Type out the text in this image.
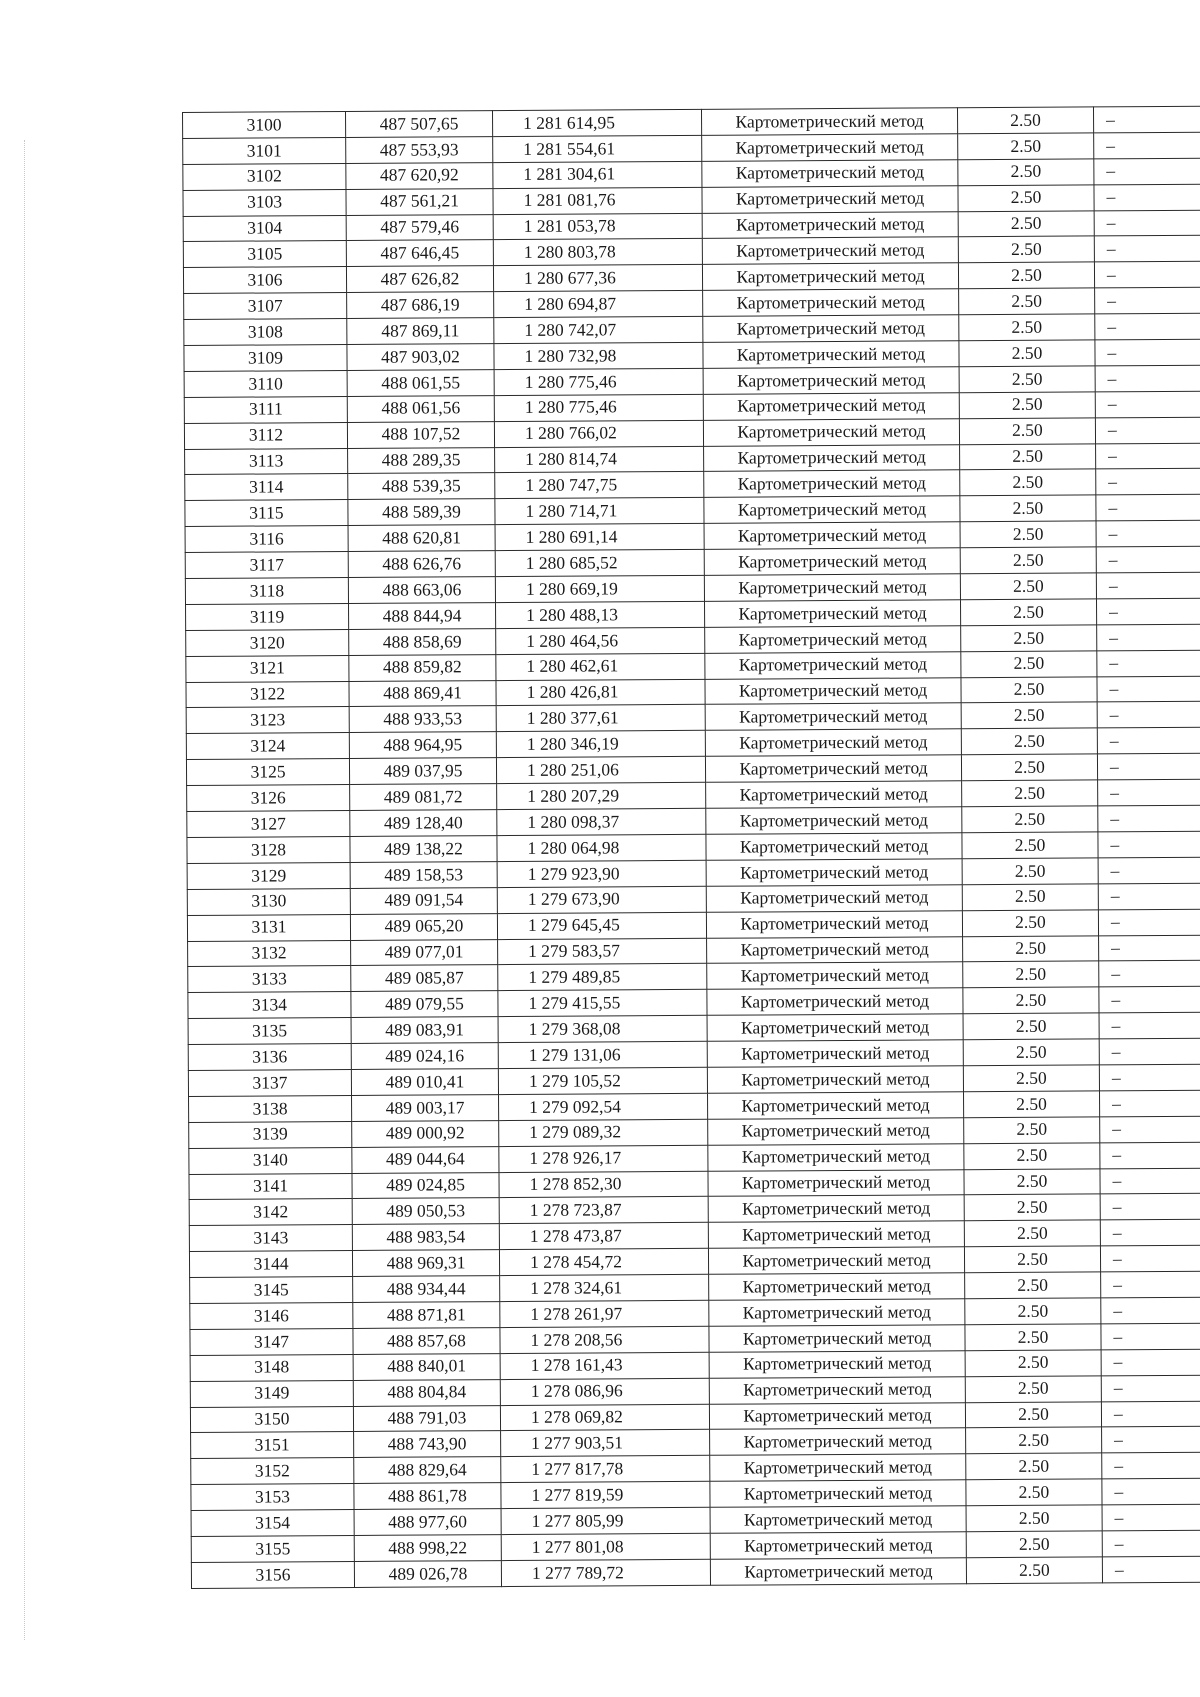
3100	487 507,65	1 281 614,95	Картометрический метод	2.50	–
3101	487 553,93	1 281 554,61	Картометрический метод	2.50	–
3102	487 620,92	1 281 304,61	Картометрический метод	2.50	–
3103	487 561,21	1 281 081,76	Картометрический метод	2.50	–
3104	487 579,46	1 281 053,78	Картометрический метод	2.50	–
3105	487 646,45	1 280 803,78	Картометрический метод	2.50	–
3106	487 626,82	1 280 677,36	Картометрический метод	2.50	–
3107	487 686,19	1 280 694,87	Картометрический метод	2.50	–
3108	487 869,11	1 280 742,07	Картометрический метод	2.50	–
3109	487 903,02	1 280 732,98	Картометрический метод	2.50	–
3110	488 061,55	1 280 775,46	Картометрический метод	2.50	–
3111	488 061,56	1 280 775,46	Картометрический метод	2.50	–
3112	488 107,52	1 280 766,02	Картометрический метод	2.50	–
3113	488 289,35	1 280 814,74	Картометрический метод	2.50	–
3114	488 539,35	1 280 747,75	Картометрический метод	2.50	–
3115	488 589,39	1 280 714,71	Картометрический метод	2.50	–
3116	488 620,81	1 280 691,14	Картометрический метод	2.50	–
3117	488 626,76	1 280 685,52	Картометрический метод	2.50	–
3118	488 663,06	1 280 669,19	Картометрический метод	2.50	–
3119	488 844,94	1 280 488,13	Картометрический метод	2.50	–
3120	488 858,69	1 280 464,56	Картометрический метод	2.50	–
3121	488 859,82	1 280 462,61	Картометрический метод	2.50	–
3122	488 869,41	1 280 426,81	Картометрический метод	2.50	–
3123	488 933,53	1 280 377,61	Картометрический метод	2.50	–
3124	488 964,95	1 280 346,19	Картометрический метод	2.50	–
3125	489 037,95	1 280 251,06	Картометрический метод	2.50	–
3126	489 081,72	1 280 207,29	Картометрический метод	2.50	–
3127	489 128,40	1 280 098,37	Картометрический метод	2.50	–
3128	489 138,22	1 280 064,98	Картометрический метод	2.50	–
3129	489 158,53	1 279 923,90	Картометрический метод	2.50	–
3130	489 091,54	1 279 673,90	Картометрический метод	2.50	–
3131	489 065,20	1 279 645,45	Картометрический метод	2.50	–
3132	489 077,01	1 279 583,57	Картометрический метод	2.50	–
3133	489 085,87	1 279 489,85	Картометрический метод	2.50	–
3134	489 079,55	1 279 415,55	Картометрический метод	2.50	–
3135	489 083,91	1 279 368,08	Картометрический метод	2.50	–
3136	489 024,16	1 279 131,06	Картометрический метод	2.50	–
3137	489 010,41	1 279 105,52	Картометрический метод	2.50	–
3138	489 003,17	1 279 092,54	Картометрический метод	2.50	–
3139	489 000,92	1 279 089,32	Картометрический метод	2.50	–
3140	489 044,64	1 278 926,17	Картометрический метод	2.50	–
3141	489 024,85	1 278 852,30	Картометрический метод	2.50	–
3142	489 050,53	1 278 723,87	Картометрический метод	2.50	–
3143	488 983,54	1 278 473,87	Картометрический метод	2.50	–
3144	488 969,31	1 278 454,72	Картометрический метод	2.50	–
3145	488 934,44	1 278 324,61	Картометрический метод	2.50	–
3146	488 871,81	1 278 261,97	Картометрический метод	2.50	–
3147	488 857,68	1 278 208,56	Картометрический метод	2.50	–
3148	488 840,01	1 278 161,43	Картометрический метод	2.50	–
3149	488 804,84	1 278 086,96	Картометрический метод	2.50	–
3150	488 791,03	1 278 069,82	Картометрический метод	2.50	–
3151	488 743,90	1 277 903,51	Картометрический метод	2.50	–
3152	488 829,64	1 277 817,78	Картометрический метод	2.50	–
3153	488 861,78	1 277 819,59	Картометрический метод	2.50	–
3154	488 977,60	1 277 805,99	Картометрический метод	2.50	–
3155	488 998,22	1 277 801,08	Картометрический метод	2.50	–
3156	489 026,78	1 277 789,72	Картометрический метод	2.50	–
